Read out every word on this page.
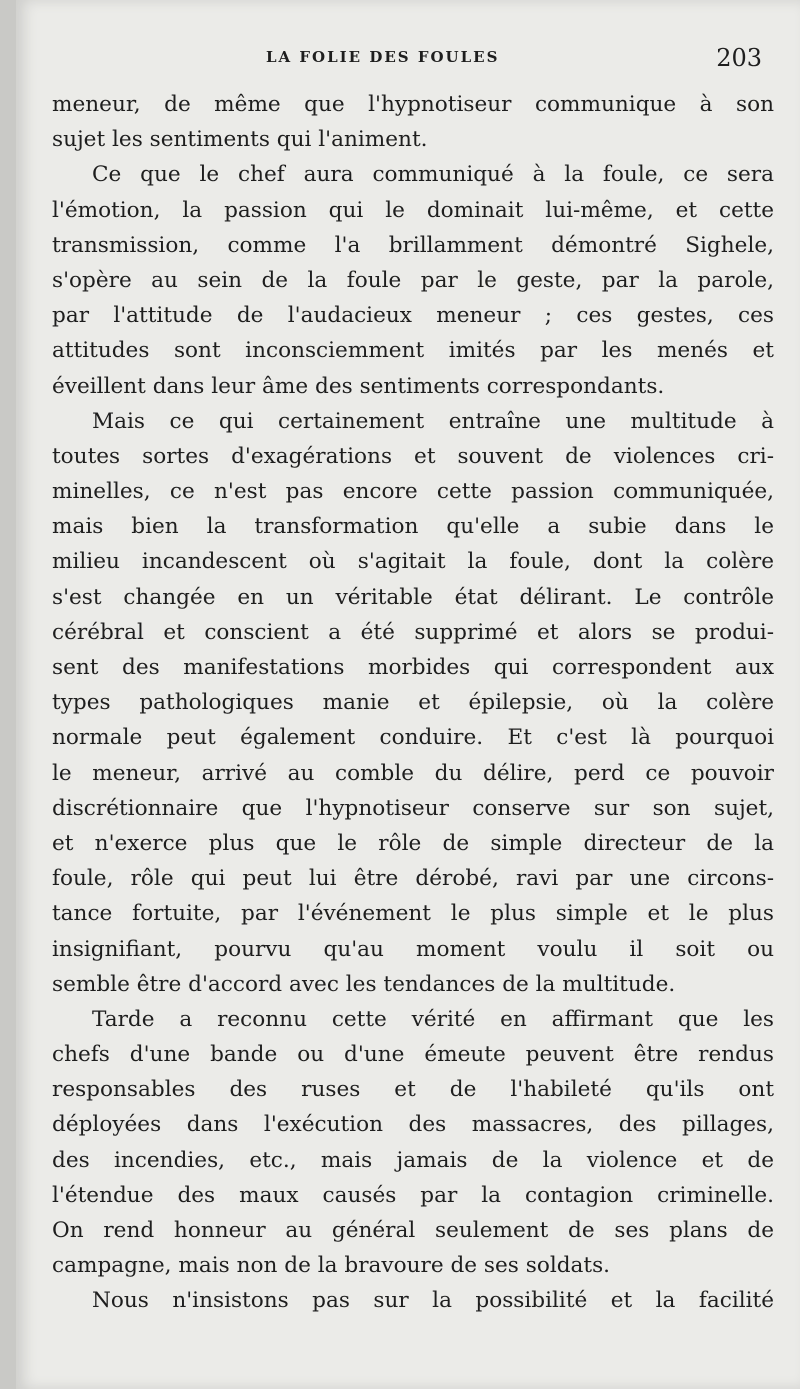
LA FOLIE DES FOULES	203
meneur, de même que l'hypnotiseur communique à son
sujet les sentiments qui l'animent.
Ce que le chef aura communiqué à la foule, ce sera
l'émotion, la passion qui le dominait lui-même, et cette
transmission, comme l'a brillamment démontré Sighele,
s'opère au sein de la foule par le geste, par la parole,
par l'attitude de l'audacieux meneur ; ces gestes, ces
attitudes sont inconsciemment imités par les menés et
éveillent dans leur âme des sentiments correspondants.
Mais ce qui certainement entraîne une multitude à
toutes sortes d'exagérations et souvent de violences cri-
minelles, ce n'est pas encore cette passion communiquée,
mais bien la transformation qu'elle a subie dans le
milieu incandescent où s'agitait la foule, dont la colère
s'est changée en un véritable état délirant. Le contrôle
cérébral et conscient a été supprimé et alors se produi-
sent des manifestations morbides qui correspondent aux
types pathologiques manie et épilepsie, où la colère
normale peut également conduire. Et c'est là pourquoi
le meneur, arrivé au comble du délire, perd ce pouvoir
discrétionnaire que l'hypnotiseur conserve sur son sujet,
et n'exerce plus que le rôle de simple directeur de la
foule, rôle qui peut lui être dérobé, ravi par une circons-
tance fortuite, par l'événement le plus simple et le plus
insignifiant, pourvu qu'au moment voulu il soit ou
semble être d'accord avec les tendances de la multitude.
Tarde a reconnu cette vérité en affirmant que les
chefs d'une bande ou d'une émeute peuvent être rendus
responsables des ruses et de l'habileté qu'ils ont
déployées dans l'exécution des massacres, des pillages,
des incendies, etc., mais jamais de la violence et de
l'étendue des maux causés par la contagion criminelle.
On rend honneur au général seulement de ses plans de
campagne, mais non de la bravoure de ses soldats.
Nous n'insistons pas sur la possibilité et la facilité
